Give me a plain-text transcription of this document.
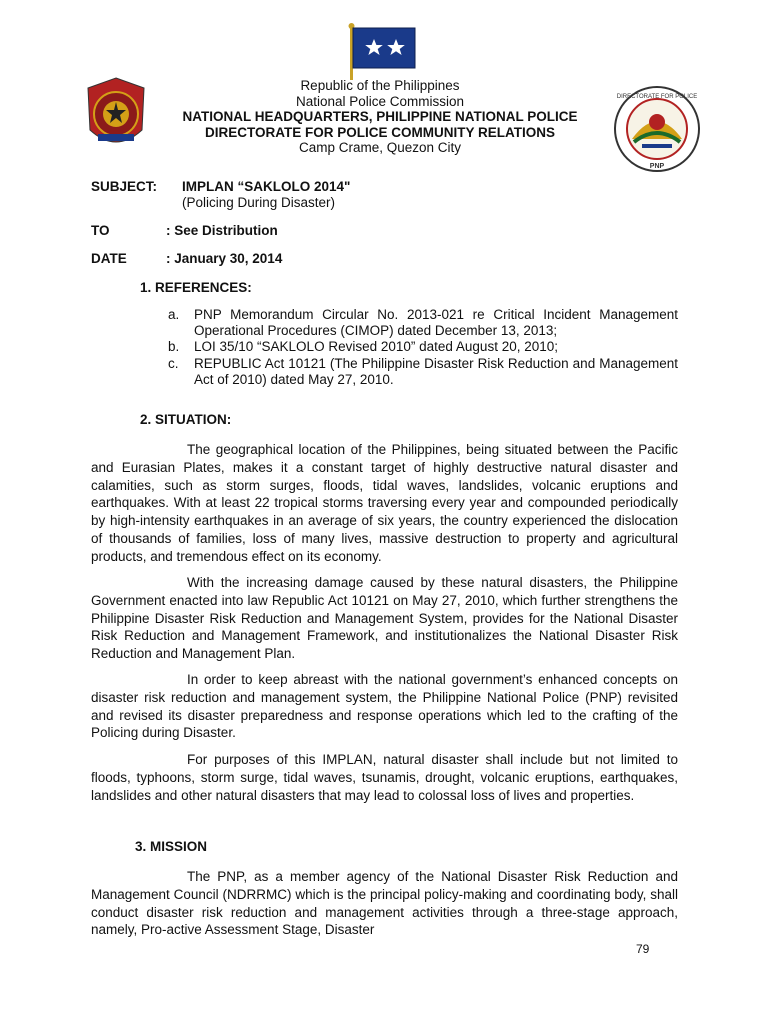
DIRECTORATE FOR POLICE
PNP
Republic of the Philippines
National Police Commission
NATIONAL HEADQUARTERS, PHILIPPINE NATIONAL POLICE
DIRECTORATE FOR POLICE COMMUNITY RELATIONS
Camp Crame, Quezon City
SUBJECT: IMPLAN “SAKLOLO 2014"
(Policing During Disaster)
TO	: See Distribution
DATE	: January 30, 2014
1. REFERENCES:
a.	PNP Memorandum Circular No. 2013-021 re Critical Incident Management Operational Procedures (CIMOP) dated December 13, 2013;
b.	LOI 35/10 “SAKLOLO Revised 2010” dated August 20, 2010;
c.	REPUBLIC Act 10121 (The Philippine Disaster Risk Reduction and Management Act of 2010) dated May 27, 2010.
2. SITUATION:
The geographical location of the Philippines, being situated between the Pacific and Eurasian Plates, makes it a constant target of highly destructive natural disaster and calamities, such as storm surges, floods, tidal waves, landslides, volcanic eruptions and earthquakes. With at least 22 tropical storms traversing every year and compounded periodically by high-intensity earthquakes in an average of six years, the country experienced the dislocation of thousands of families, loss of many lives, massive destruction to property and agricultural products, and tremendous effect on its economy.
With the increasing damage caused by these natural disasters, the Philippine Government enacted into law Republic Act 10121 on May 27, 2010, which further strengthens the Philippine Disaster Risk Reduction and Management System, provides for the National Disaster Risk Reduction and Management Framework, and institutionalizes the National Disaster Risk Reduction and Management Plan.
In order to keep abreast with the national government’s enhanced concepts on disaster risk reduction and management system, the Philippine National Police (PNP) revisited and revised its disaster preparedness and response operations which led to the crafting of the Policing during Disaster.
For purposes of this IMPLAN, natural disaster shall include but not limited to floods, typhoons, storm surge, tidal waves, tsunamis, drought, volcanic eruptions, earthquakes, landslides and other natural disasters that may lead to colossal loss of lives and properties.
3. MISSION
The PNP, as a member agency of the National Disaster Risk Reduction and Management Council (NDRRMC) which is the principal policy-making and coordinating body, shall conduct disaster risk reduction and management activities through a three-stage approach, namely, Pro-active Assessment Stage, Disaster
79
